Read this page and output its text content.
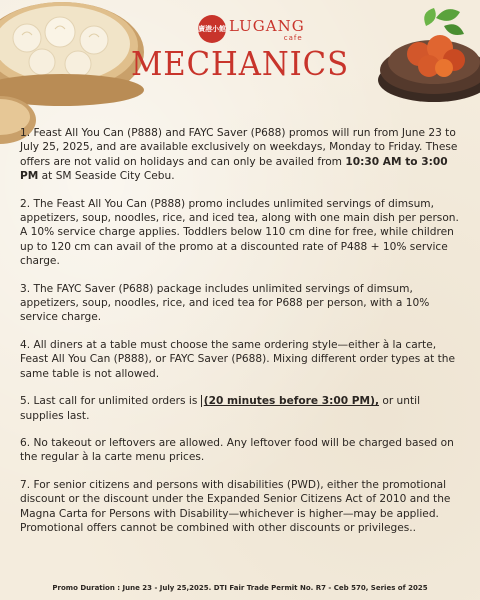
廣港小館 LUGANG
cafe
MECHANICS

1. Feast All You Can (P888) and FAYC Saver (P688) promos will run from June 23 to July 25, 2025, and are available exclusively on weekdays, Monday to Friday. These offers are not valid on holidays and can only be availed from 10:30 AM to 3:00 PM at SM Seaside City Cebu.

2. The Feast All You Can (P888) promo includes unlimited servings of dimsum, appetizers, soup, noodles, rice, and iced tea, along with one main dish per person. A 10% service charge applies. Toddlers below 110 cm dine for free, while children up to 120 cm can avail of the promo at a discounted rate of P488 + 10% service charge.

3. The FAYC Saver (P688) package includes unlimited servings of dimsum, appetizers, soup, noodles, rice, and iced tea for P688 per person, with a 10% service charge.

4. All diners at a table must choose the same ordering style—either à la carte, Feast All You Can (P888), or FAYC Saver (P688). Mixing different order types at the same table is not allowed.

5. Last call for unlimited orders is (20 minutes before 3:00 PM), or until supplies last.

6. No takeout or leftovers are allowed. Any leftover food will be charged based on the regular à la carte menu prices.

7. For senior citizens and persons with disabilities (PWD), either the promotional discount or the discount under the Expanded Senior Citizens Act of 2010 and the Magna Carta for Persons with Disability—whichever is higher—may be applied. Promotional offers cannot be combined with other discounts or privileges..

Promo Duration : June 23 - July 25,2025. DTI Fair Trade Permit No. R7 - Ceb 570, Series of 2025
